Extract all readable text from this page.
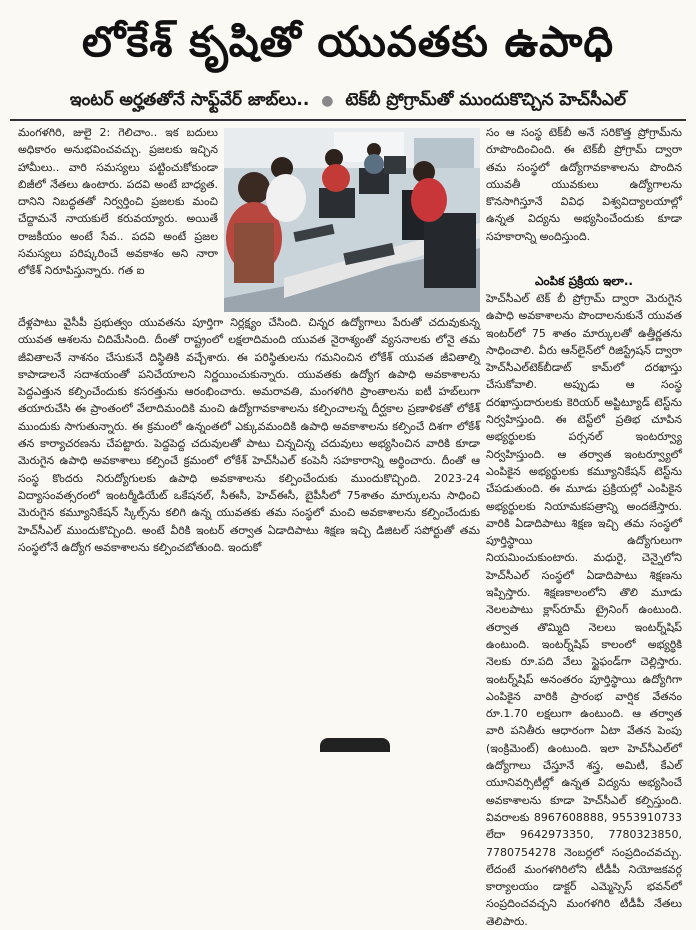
లోకేశ్ కృషితో యువతకు ఉపాధి
ఇంటర్ అర్హతతోనే సాఫ్ట్‌వేర్ జాబ్‌లు.. ● టెక్‌బీ ప్రోగ్రామ్‌తో ముందుకొచ్చిన హెచ్‌సీఎల్

మంగళగిరి, జులై 2: గెలిచాం.. ఇక బదులు అధికారం అనుభవించవచ్చు. ప్రజలకు ఇచ్చిన హామీలు.. వారి సమస్యలు పట్టించుకోకుండా బిజీలో నేతలు ఉంటారు. పదవి అంటే బాధ్యత. దానిని నిబద్ధతతో నిర్వర్తించి ప్రజలకు మంచి చేద్దామనే నాయకులే కరువయ్యారు. అయితే రాజకీయం అంటే సేవ.. పదవి అంటే ప్రజల సమస్యలు పరిష్కరించే అవకాశం అని నారా లోకేశ్ నిరూపిస్తున్నారు. గత ఐ

దేళ్లపాటు వైసీపీ ప్రభుత్వం యువతను పూర్తిగా నిర్లక్ష్యం చేసింది. చిన్నర ఉద్యోగాలు పేరుతో చదువుకున్న యువత ఆశలను చిదిమేసింది. దీంతో రాష్ట్రంలో లక్షలాదిమంది యువత నైరాశ్యంతో వ్యసనాలకు లోనై తమ జీవితాలనే నాశనం చేసుకునే దిస్థితికి వచ్చేశారు. ఈ పరిస్థితులను గమనించిన లోకేశ్ యువత జీవితాల్ని కాపాడాలనే సదాశయంతో పనిచేయాలని నిర్ణయించుకున్నారు. యువతకు ఉద్యోగ ఉపాధి అవకాశాలను పెద్దఎత్తున కల్పించేందుకు కసరత్తును ఆరంభించారు. అమరావతి, మంగళగిరి ప్రాంతాలను ఐటీ హబ్‌లుగా తయారుచేసి ఈ ప్రాంతంలో వేలాదిమందికి మంచి ఉద్యోగావకాశాలను కల్పించాలన్న దీర్ఘకాల ప్రణాళికతో లోకేశ్ ముందుకు సాగుతున్నారు. ఈ క్రమంలో ఉన్నంతలో ఎక్కువమందికి ఉపాధి అవకాశాలను కల్పించే దిశగా లోకేశ్ తన కార్యాచరణను చేపట్టారు. పెద్దపెద్ద చదువులతో పాటు చిన్నచిన్న చదువులు అభ్యసించిన వారికి కూడా మెరుగైన ఉపాధి అవకాశాలు కల్పించే క్రమంలో లోకేశ్ హెచ్‌సీఎల్ కంపెనీ సహకారాన్ని అర్థించారు. దీంతో ఆ సంస్థ కొందరు నిరుద్యోగులకు ఉపాధి అవకాశాలను కల్పించేందుకు ముందుకొచ్చింది. 2023-24 విద్యాసంవత్సరంలో ఇంటర్మీడియేట్ ఒకేషనల్, సీఈసీ, హెచ్ఈసీ, బైపీసీలో 75శాతం మార్కులను సాధించి మెరుగైన కమ్యూనికేషన్ స్కిల్స్‌ను కలిగి ఉన్న యువతకు తమ సంస్థలో మంచి అవకాశాలను కల్పించేందుకు హెచ్‌సీఎల్ ముందుకొచ్చింది. అంటే వీరికి ఇంటర్ తర్వాత ఏడాదిపాటు శిక్షణ ఇచ్చి డిజిటల్ సపోర్టుతో తమ సంస్థలోనే ఉద్యోగ అవకాశాలను కల్పించబోతుంది. ఇందుకో

సం ఆ సంస్థ టెక్‌బీ అనే సరికొత్త ప్రోగ్రామ్‌ను రూపొందించింది. ఈ టెక్‌బీ ప్రోగ్రామ్ ద్వారా తమ సంస్థలో ఉద్యోగావకాశాలను పొందిన యువతీ యువకులు ఉద్యోగాలను కొనసాగిస్తూనే వివిధ విశ్వవిద్యాలయాల్లో ఉన్నత విద్యను అభ్యసించేందుకు కూడా సహకారాన్ని అందిస్తుంది.

ఎంపిక ప్రక్రియ ఇలా..

హెచ్‌సీఎల్ టెక్ బీ ప్రోగ్రామ్ ద్వారా మెరుగైన ఉపాధి అవకాశాలను పొందాలనుకునే యువత ఇంటర్‌లో 75 శాతం మార్కులతో ఉత్తీర్ణతను సాధించాలి. వీరు ఆన్‌లైన్‌లో రిజిస్ట్రేషన్ ద్వారా హెచ్‌సీఎల్‌టెక్‌బీడాట్ కామ్‌లో దరఖాస్తు చేసుకోవాలి. అప్పుడు ఆ సంస్థ దరఖాస్తుదారులకు కెరియర్ అప్టిట్యూడ్ టెస్ట్‌ను నిర్వహిస్తుంది. ఈ టెస్ట్‌లో ప్రతిభ చూపిన అభ్యర్థులకు పర్సనల్ ఇంటర్వ్యూ నిర్వహిస్తుంది. ఆ తర్వాత ఇంటర్వ్యూలో ఎంపికైన అభ్యర్థులకు కమ్యూనికేషన్ టెస్ట్‌ను చేపడుతుంది. ఈ మూడు ప్రక్రియల్లో ఎంపికైన అభ్యర్థులకు నియామకపత్రాన్ని అందజేస్తారు. వారికి ఏడాదిపాటు శిక్షణ ఇచ్చి తమ సంస్థలో పూర్తిస్థాయి ఉద్యోగులుగా నియమించుకుంటారు. మధురై, చెన్నైలోని హెచ్‌సీఎల్ సంస్థలో ఏడాదిపాటు శిక్షణను ఇప్పిస్తారు. శిక్షణకాలంలోని తొలి మూడు నెలలపాటు క్లాస్‌రూమ్ ట్రైనింగ్ ఉంటుంది. తర్వాత తొమ్మిది నెలలు ఇంటర్న్‌షిప్ ఉంటుంది. ఇంటర్న్‌షిప్ కాలంలో అభ్యర్థికి నెలకు రూ.పది వేలు స్టైఫండ్‌గా చెల్లిస్తారు. ఇంటర్న్‌షిప్ అనంతరం పూర్తిస్థాయి ఉద్యోగిగా ఎంపికైన వారికి ప్రారంభ వార్షిక వేతనం రూ.1.70 లక్షలుగా ఉంటుంది. ఆ తర్వాత వారి పనితీరు ఆధారంగా ఏటా వేతన పెంపు (ఇంక్రిమెంట్) ఉంటుంది. ఇలా హెచ్‌సీఎల్‌లో ఉద్యోగాలు చేస్తూనే శస్త్ర, అమిటీ, కేఎల్ యూనివర్సిటీల్లో ఉన్నత విద్యను అభ్యసించే అవకాశాలను కూడా హెచ్‌సీఎల్ కల్పిస్తుంది. వివరాలకు 8967608888, 9553910733 లేదా 9642973350, 7780323850, 7780754278 నెంబర్లలో సంప్రదించవచ్చు. లేదంటే మంగళగిరిలోని టీడీపీ నియోజకవర్గ కార్యాలయం డాక్టర్ ఎమ్మెస్సెస్ భవన్‌లో సంప్రదించవచ్చని మంగళగిరి టీడీపీ నేతలు తెలిపారు.
